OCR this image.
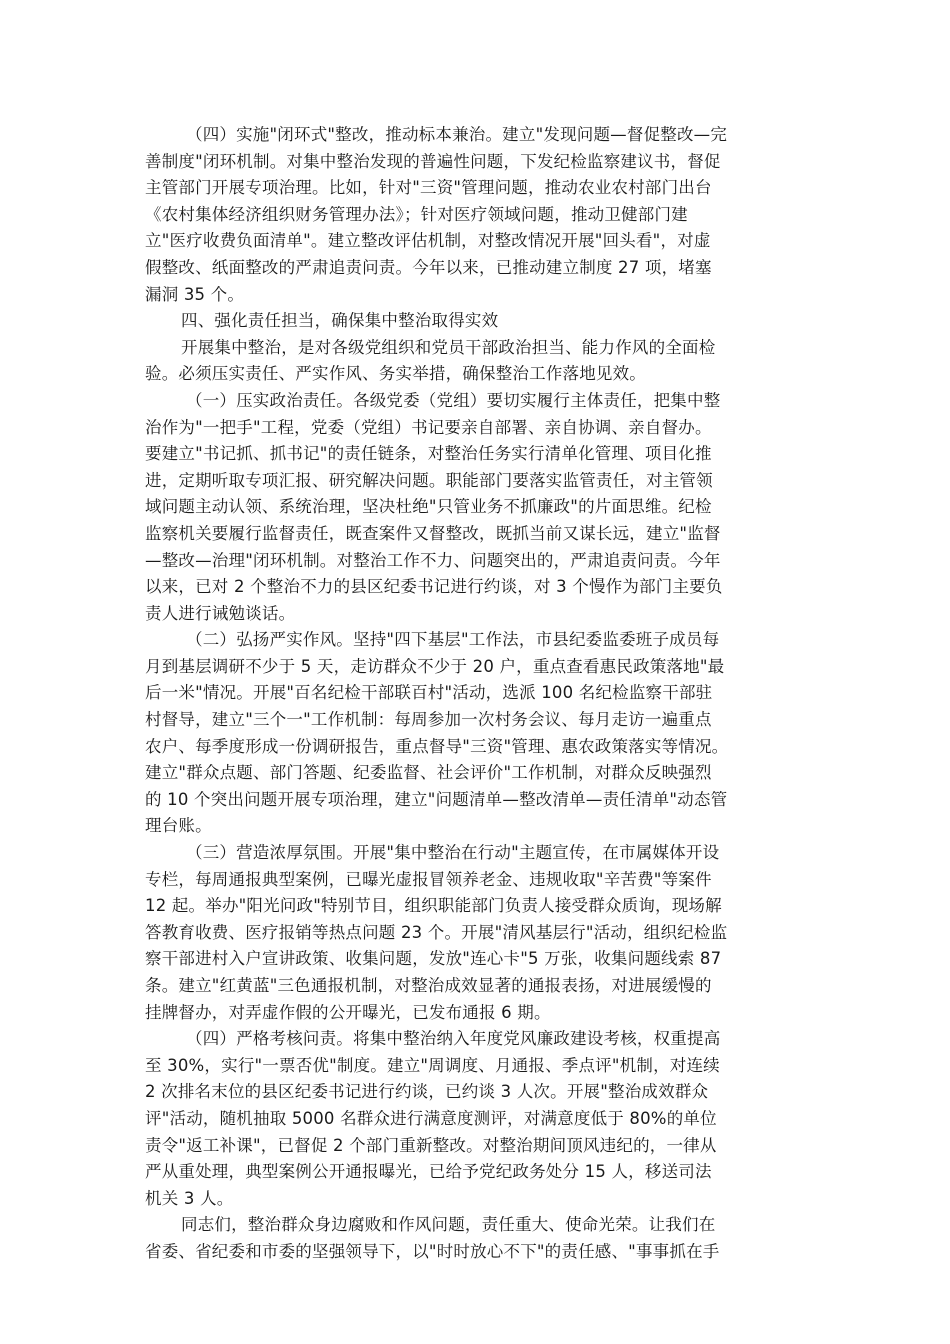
（四）实施"闭环式"整改，推动标本兼治。建立"发现问题—督促整改—完
善制度"闭环机制。对集中整治发现的普遍性问题，下发纪检监察建议书，督促
主管部门开展专项治理。比如，针对"三资"管理问题，推动农业农村部门出台
《农村集体经济组织财务管理办法》；针对医疗领域问题，推动卫健部门建
立"医疗收费负面清单"。建立整改评估机制，对整改情况开展"回头看"，对虚
假整改、纸面整改的严肃追责问责。今年以来，已推动建立制度 27 项，堵塞
漏洞 35 个。
四、强化责任担当，确保集中整治取得实效
开展集中整治，是对各级党组织和党员干部政治担当、能力作风的全面检
验。必须压实责任、严实作风、务实举措，确保整治工作落地见效。
（一）压实政治责任。各级党委（党组）要切实履行主体责任，把集中整
治作为"一把手"工程，党委（党组）书记要亲自部署、亲自协调、亲自督办。
要建立"书记抓、抓书记"的责任链条，对整治任务实行清单化管理、项目化推
进，定期听取专项汇报、研究解决问题。职能部门要落实监管责任，对主管领
域问题主动认领、系统治理，坚决杜绝"只管业务不抓廉政"的片面思维。纪检
监察机关要履行监督责任，既查案件又督整改，既抓当前又谋长远，建立"监督
—整改—治理"闭环机制。对整治工作不力、问题突出的，严肃追责问责。今年
以来，已对 2 个整治不力的县区纪委书记进行约谈，对 3 个慢作为部门主要负
责人进行诫勉谈话。
（二）弘扬严实作风。坚持"四下基层"工作法，市县纪委监委班子成员每
月到基层调研不少于 5 天，走访群众不少于 20 户，重点查看惠民政策落地"最
后一米"情况。开展"百名纪检干部联百村"活动，选派 100 名纪检监察干部驻
村督导，建立"三个一"工作机制：每周参加一次村务会议、每月走访一遍重点
农户、每季度形成一份调研报告，重点督导"三资"管理、惠农政策落实等情况。
建立"群众点题、部门答题、纪委监督、社会评价"工作机制，对群众反映强烈
的 10 个突出问题开展专项治理，建立"问题清单—整改清单—责任清单"动态管
理台账。
（三）营造浓厚氛围。开展"集中整治在行动"主题宣传，在市属媒体开设
专栏，每周通报典型案例，已曝光虚报冒领养老金、违规收取"辛苦费"等案件
12 起。举办"阳光问政"特别节目，组织职能部门负责人接受群众质询，现场解
答教育收费、医疗报销等热点问题 23 个。开展"清风基层行"活动，组织纪检监
察干部进村入户宣讲政策、收集问题，发放"连心卡"5 万张，收集问题线索 87
条。建立"红黄蓝"三色通报机制，对整治成效显著的通报表扬，对进展缓慢的
挂牌督办，对弄虚作假的公开曝光，已发布通报 6 期。
（四）严格考核问责。将集中整治纳入年度党风廉政建设考核，权重提高
至 30%，实行"一票否优"制度。建立"周调度、月通报、季点评"机制，对连续
2 次排名末位的县区纪委书记进行约谈，已约谈 3 人次。开展"整治成效群众
评"活动，随机抽取 5000 名群众进行满意度测评，对满意度低于 80%的单位
责令"返工补课"，已督促 2 个部门重新整改。对整治期间顶风违纪的，一律从
严从重处理，典型案例公开通报曝光，已给予党纪政务处分 15 人，移送司法
机关 3 人。
同志们，整治群众身边腐败和作风问题，责任重大、使命光荣。让我们在
省委、省纪委和市委的坚强领导下，以"时时放心不下"的责任感、"事事抓在手
